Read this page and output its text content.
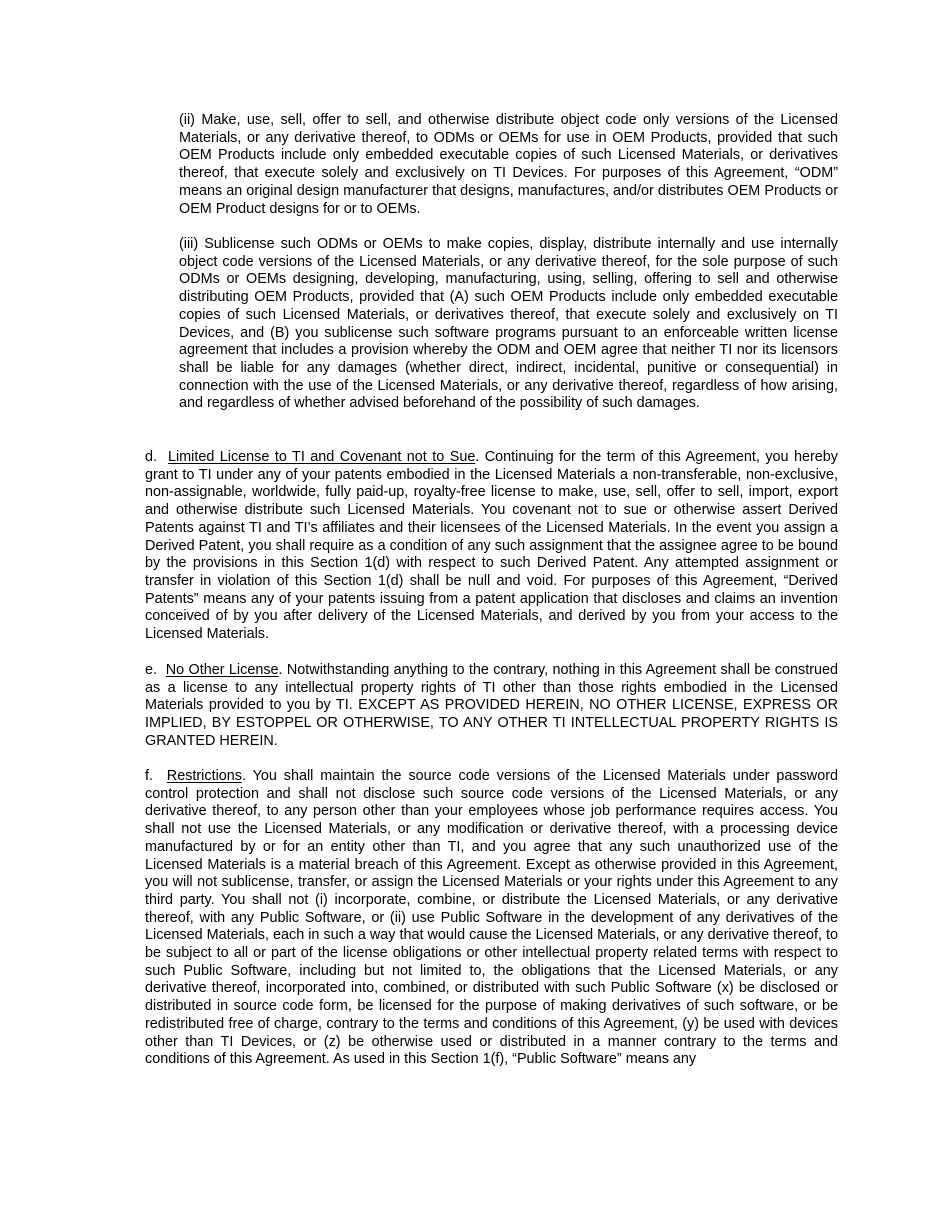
(ii) Make, use, sell, offer to sell, and otherwise distribute object code only versions of the Licensed Materials, or any derivative thereof, to ODMs or OEMs for use in OEM Products, provided that such OEM Products include only embedded executable copies of such Licensed Materials, or derivatives thereof, that execute solely and exclusively on TI Devices. For purposes of this Agreement, “ODM” means an original design manufacturer that designs, manufactures, and/or distributes OEM Products or OEM Product designs for or to OEMs.

(iii) Sublicense such ODMs or OEMs to make copies, display, distribute internally and use internally object code versions of the Licensed Materials, or any derivative thereof, for the sole purpose of such ODMs or OEMs designing, developing, manufacturing, using, selling, offering to sell and otherwise distributing OEM Products, provided that (A) such OEM Products include only embedded executable copies of such Licensed Materials, or derivatives thereof, that execute solely and exclusively on TI Devices, and (B) you sublicense such software programs pursuant to an enforceable written license agreement that includes a provision whereby the ODM and OEM agree that neither TI nor its licensors shall be liable for any damages (whether direct, indirect, incidental, punitive or consequential) in connection with the use of the Licensed Materials, or any derivative thereof, regardless of how arising, and regardless of whether advised beforehand of the possibility of such damages.

d. Limited License to TI and Covenant not to Sue. Continuing for the term of this Agreement, you hereby grant to TI under any of your patents embodied in the Licensed Materials a non-transferable, non-exclusive, non-assignable, worldwide, fully paid-up, royalty-free license to make, use, sell, offer to sell, import, export and otherwise distribute such Licensed Materials. You covenant not to sue or otherwise assert Derived Patents against TI and TI’s affiliates and their licensees of the Licensed Materials. In the event you assign a Derived Patent, you shall require as a condition of any such assignment that the assignee agree to be bound by the provisions in this Section 1(d) with respect to such Derived Patent. Any attempted assignment or transfer in violation of this Section 1(d) shall be null and void. For purposes of this Agreement, “Derived Patents” means any of your patents issuing from a patent application that discloses and claims an invention conceived of by you after delivery of the Licensed Materials, and derived by you from your access to the Licensed Materials.

e. No Other License. Notwithstanding anything to the contrary, nothing in this Agreement shall be construed as a license to any intellectual property rights of TI other than those rights embodied in the Licensed Materials provided to you by TI. EXCEPT AS PROVIDED HEREIN, NO OTHER LICENSE, EXPRESS OR IMPLIED, BY ESTOPPEL OR OTHERWISE, TO ANY OTHER TI INTELLECTUAL PROPERTY RIGHTS IS GRANTED HEREIN.

f. Restrictions. You shall maintain the source code versions of the Licensed Materials under password control protection and shall not disclose such source code versions of the Licensed Materials, or any derivative thereof, to any person other than your employees whose job performance requires access. You shall not use the Licensed Materials, or any modification or derivative thereof, with a processing device manufactured by or for an entity other than TI, and you agree that any such unauthorized use of the Licensed Materials is a material breach of this Agreement. Except as otherwise provided in this Agreement, you will not sublicense, transfer, or assign the Licensed Materials or your rights under this Agreement to any third party. You shall not (i) incorporate, combine, or distribute the Licensed Materials, or any derivative thereof, with any Public Software, or (ii) use Public Software in the development of any derivatives of the Licensed Materials, each in such a way that would cause the Licensed Materials, or any derivative thereof, to be subject to all or part of the license obligations or other intellectual property related terms with respect to such Public Software, including but not limited to, the obligations that the Licensed Materials, or any derivative thereof, incorporated into, combined, or distributed with such Public Software (x) be disclosed or distributed in source code form, be licensed for the purpose of making derivatives of such software, or be redistributed free of charge, contrary to the terms and conditions of this Agreement, (y) be used with devices other than TI Devices, or (z) be otherwise used or distributed in a manner contrary to the terms and conditions of this Agreement. As used in this Section 1(f), “Public Software” means any
